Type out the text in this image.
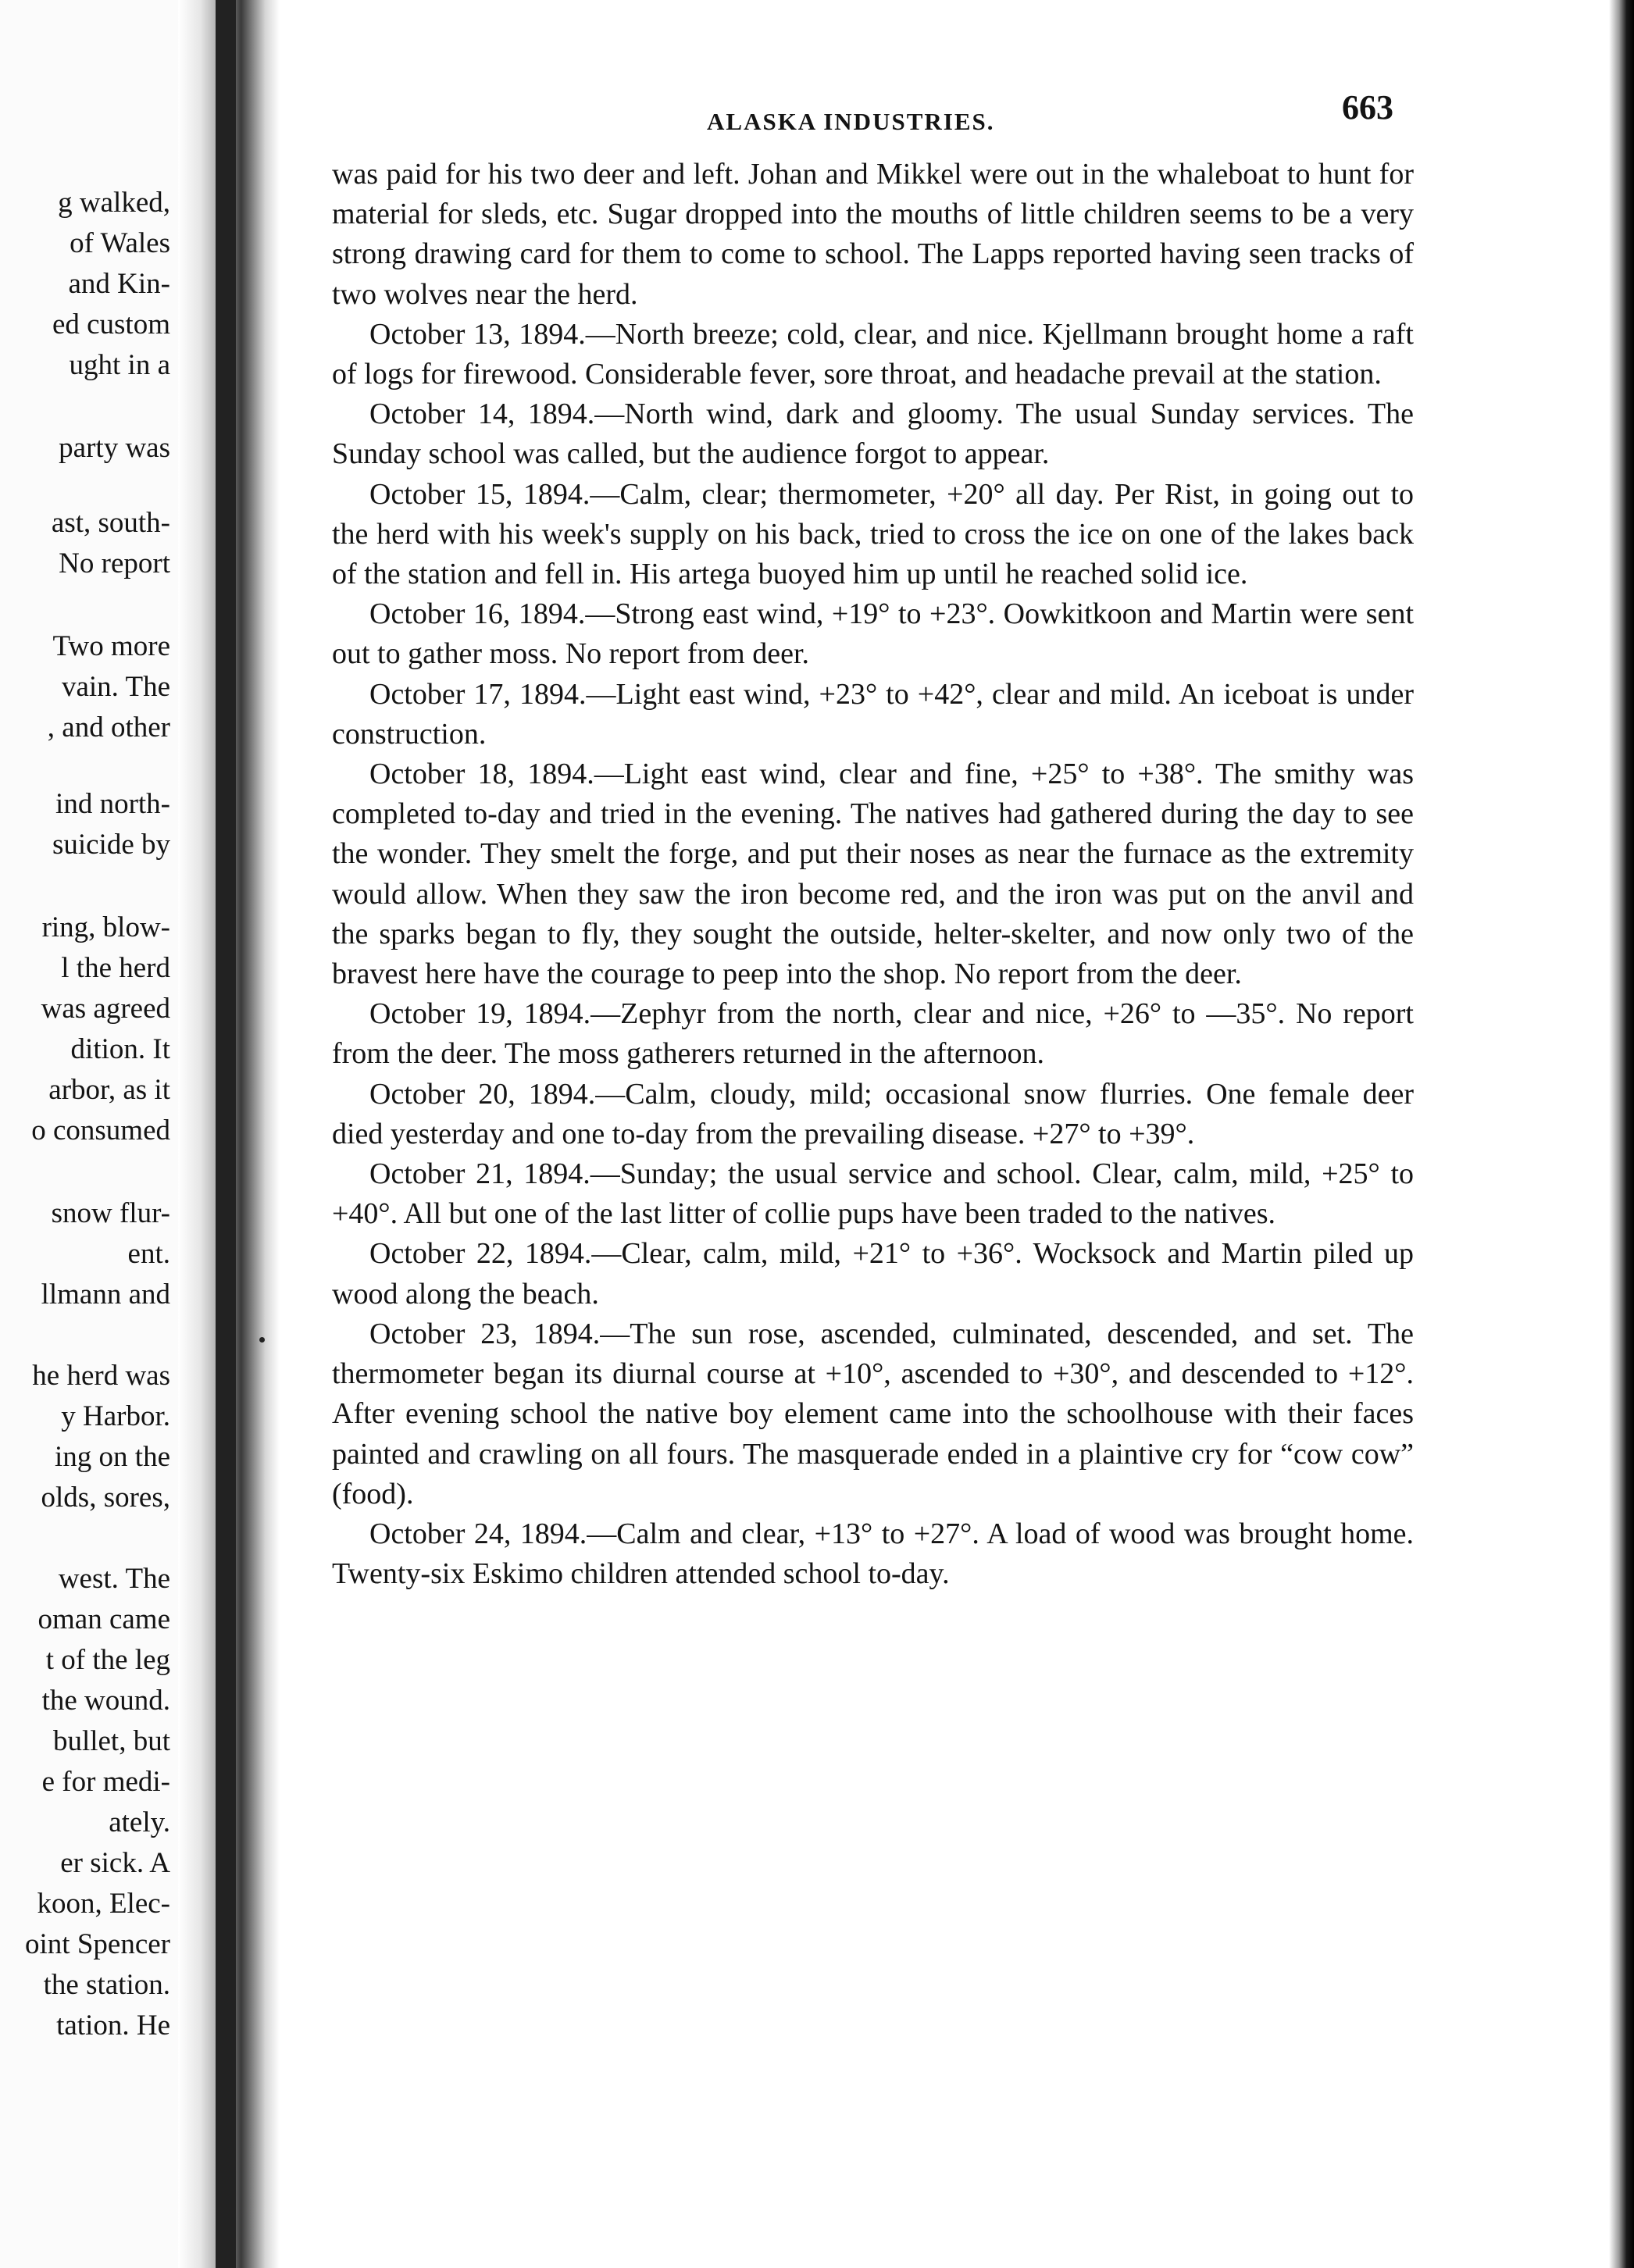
g walked,
of Wales
and Kin-
ed custom
ught in a
party was
ast, south-
No report
Two more
vain. The
, and other
ind north-
suicide by
ring, blow-
l the herd
was agreed
dition. It
arbor, as it
o consumed
snow flur-
ent.
llmann and
he herd was
y Harbor.
ing on the
olds, sores,
west. The
oman came
t of the leg
the wound.
bullet, but
e for medi-
ately.
er sick. A
koon, Elec-
oint Spencer
the station.
tation. He
ALASKA INDUSTRIES.	663

was paid for his two deer and left. Johan and Mikkel were out in the whaleboat to hunt for material for sleds, etc. Sugar dropped into the mouths of little children seems to be a very strong drawing card for them to come to school. The Lapps reported having seen tracks of two wolves near the herd.

October 13, 1894.—North breeze; cold, clear, and nice. Kjellmann brought home a raft of logs for firewood. Considerable fever, sore throat, and headache prevail at the station.

October 14, 1894.—North wind, dark and gloomy. The usual Sunday services. The Sunday school was called, but the audience forgot to appear.

October 15, 1894.—Calm, clear; thermometer, +20° all day. Per Rist, in going out to the herd with his week's supply on his back, tried to cross the ice on one of the lakes back of the station and fell in. His artega buoyed him up until he reached solid ice.

October 16, 1894.—Strong east wind, +19° to +23°. Oowkitkoon and Martin were sent out to gather moss. No report from deer.

October 17, 1894.—Light east wind, +23° to +42°, clear and mild. An iceboat is under construction.

October 18, 1894.—Light east wind, clear and fine, +25° to +38°. The smithy was completed to-day and tried in the evening. The natives had gathered during the day to see the wonder. They smelt the forge, and put their noses as near the furnace as the extremity would allow. When they saw the iron become red, and the iron was put on the anvil and the sparks began to fly, they sought the outside, helter-skelter, and now only two of the bravest here have the courage to peep into the shop. No report from the deer.

October 19, 1894.—Zephyr from the north, clear and nice, +26° to —35°. No report from the deer. The moss gatherers returned in the afternoon.

October 20, 1894.—Calm, cloudy, mild; occasional snow flurries. One female deer died yesterday and one to-day from the prevailing disease. +27° to +39°.

October 21, 1894.—Sunday; the usual service and school. Clear, calm, mild, +25° to +40°. All but one of the last litter of collie pups have been traded to the natives.

October 22, 1894.—Clear, calm, mild, +21° to +36°. Wocksock and Martin piled up wood along the beach.

October 23, 1894.—The sun rose, ascended, culminated, descended, and set. The thermometer began its diurnal course at +10°, ascended to +30°, and descended to +12°. After evening school the native boy element came into the schoolhouse with their faces painted and crawling on all fours. The masquerade ended in a plaintive cry for “cow cow” (food).

October 24, 1894.—Calm and clear, +13° to +27°. A load of wood was brought home. Twenty-six Eskimo children attended school to-day.
